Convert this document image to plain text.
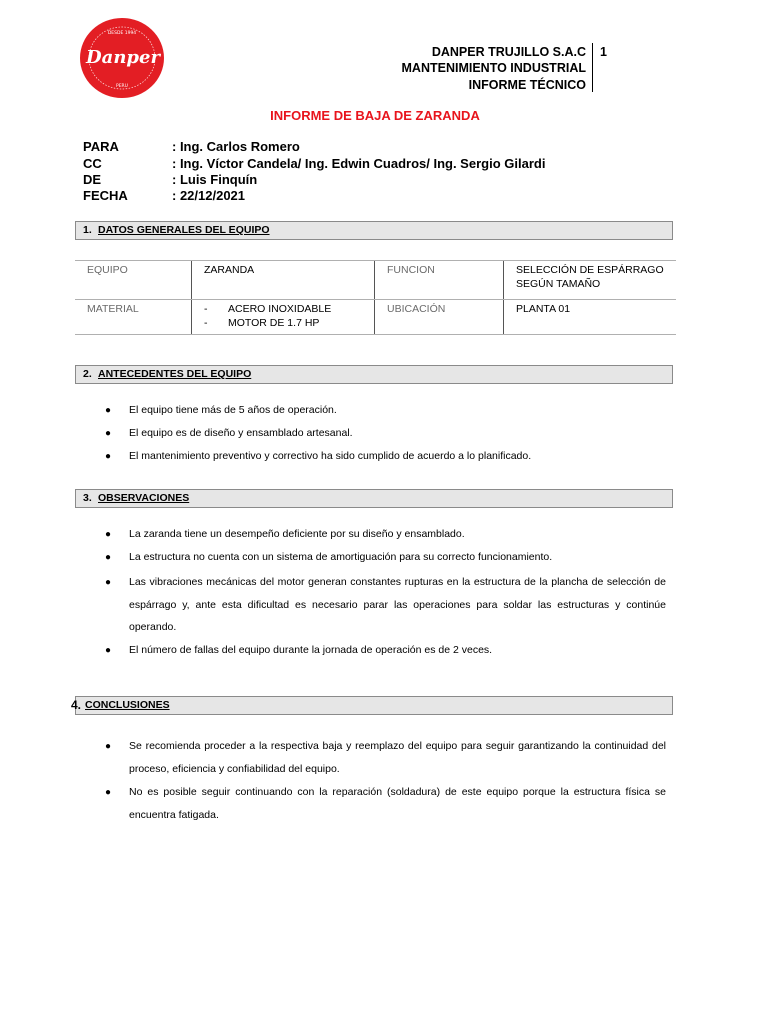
DESDE 1994
Danper
PERU
DANPER TRUJILLO S.A.C
MANTENIMIENTO INDUSTRIAL
INFORME TÉCNICO
1
INFORME DE BAJA DE ZARANDA
PARA	: Ing. Carlos Romero
CC	: Ing. Víctor Candela/ Ing. Edwin Cuadros/ Ing. Sergio Gilardi
DE	: Luis Finquín
FECHA	: 22/12/2021
1. DATOS GENERALES DEL EQUIPO
EQUIPO	ZARANDA	FUNCION	SELECCIÓN DE ESPÁRRAGO
SEGÚN TAMAÑO

MATERIAL	- ACERO INOXIDABLE
- MOTOR DE 1.7 HP	UBICACIÓN	PLANTA 01
2. ANTECEDENTES DEL EQUIPO
● El equipo tiene más de 5 años de operación.
● El equipo es de diseño y ensamblado artesanal.
● El mantenimiento preventivo y correctivo ha sido cumplido de acuerdo a lo planificado.
3. OBSERVACIONES
● La zaranda tiene un desempeño deficiente por su diseño y ensamblado.
● La estructura no cuenta con un sistema de amortiguación para su correcto funcionamiento.
● Las vibraciones mecánicas del motor generan constantes rupturas en la estructura de la plancha de selección de espárrago y, ante esta dificultad es necesario parar las operaciones para soldar las estructuras y continúe operando.
● El número de fallas del equipo durante la jornada de operación es de 2 veces.
4. CONCLUSIONES
● Se recomienda proceder a la respectiva baja y reemplazo del equipo para seguir garantizando la continuidad del proceso, eficiencia y confiabilidad del equipo.
● No es posible seguir continuando con la reparación (soldadura) de este equipo porque la estructura física se encuentra fatigada.
